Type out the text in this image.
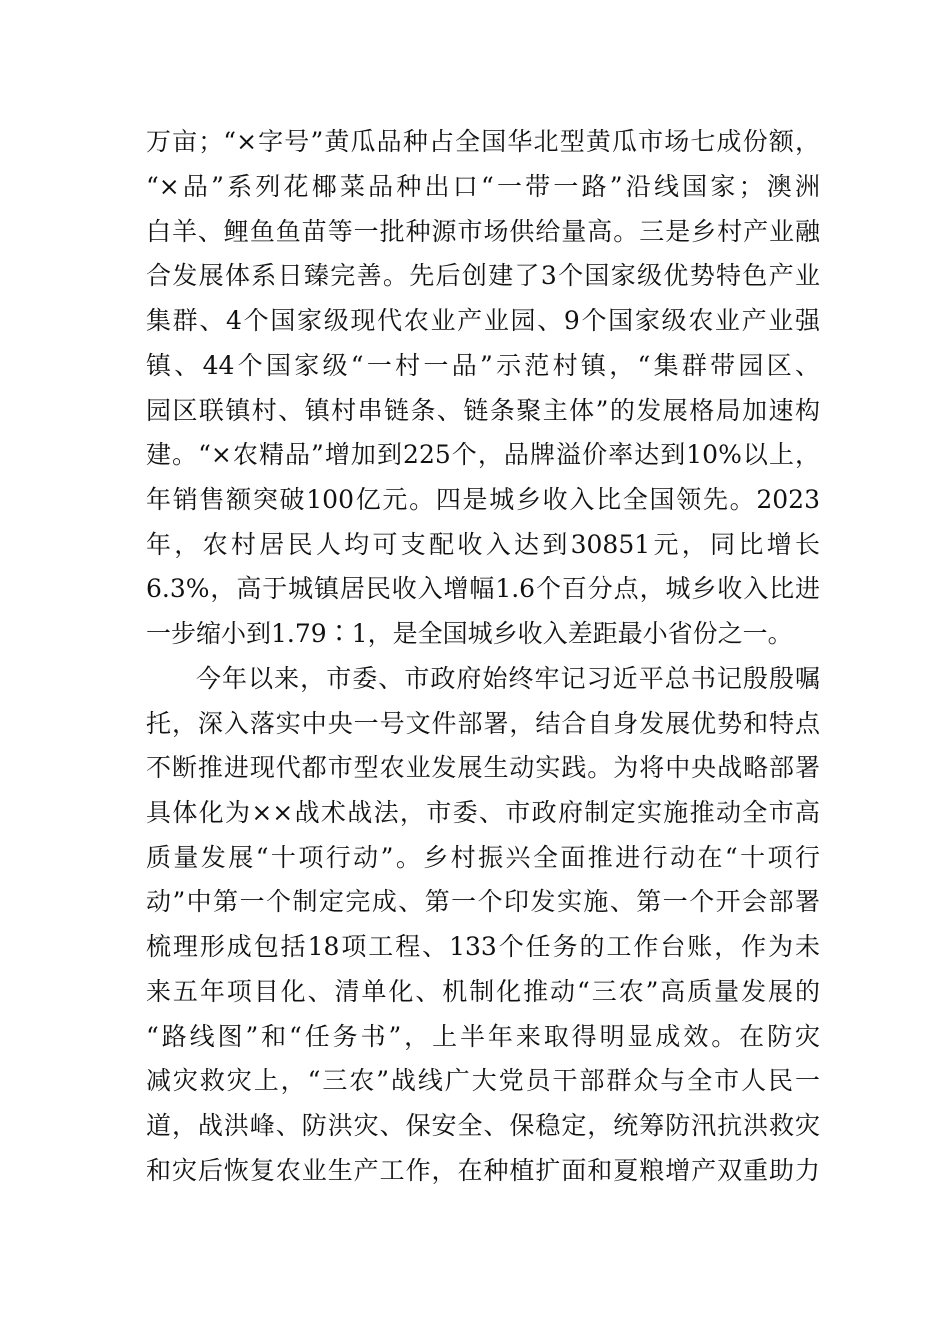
万亩；“×字号”黄瓜品种占全国华北型黄瓜市场七成份额，
“×品”系列花椰菜品种出口“一带一路”沿线国家；澳洲
白羊、鲤鱼鱼苗等一批种源市场供给量高。三是乡村产业融
合发展体系日臻完善。先后创建了3个国家级优势特色产业
集群、4个国家级现代农业产业园、9个国家级农业产业强
镇、44个国家级“一村一品”示范村镇，“集群带园区、
园区联镇村、镇村串链条、链条聚主体”的发展格局加速构
建。“×农精品”增加到225个，品牌溢价率达到10%以上，
年销售额突破100亿元。四是城乡收入比全国领先。2023
年，农村居民人均可支配收入达到30851元，同比增长
6.3%，高于城镇居民收入增幅1.6个百分点，城乡收入比进
一步缩小到1.79∶1，是全国城乡收入差距最小省份之一。
今年以来，市委、市政府始终牢记习近平总书记殷殷嘱
托，深入落实中央一号文件部署，结合自身发展优势和特点
不断推进现代都市型农业发展生动实践。为将中央战略部署
具体化为××战术战法，市委、市政府制定实施推动全市高
质量发展“十项行动”。乡村振兴全面推进行动在“十项行
动”中第一个制定完成、第一个印发实施、第一个开会部署
梳理形成包括18项工程、133个任务的工作台账，作为未
来五年项目化、清单化、机制化推动“三农”高质量发展的
“路线图”和“任务书”，上半年来取得明显成效。在防灾
减灾救灾上，“三农”战线广大党员干部群众与全市人民一
道，战洪峰、防洪灾、保安全、保稳定，统筹防汛抗洪救灾
和灾后恢复农业生产工作，在种植扩面和夏粮增产双重助力
